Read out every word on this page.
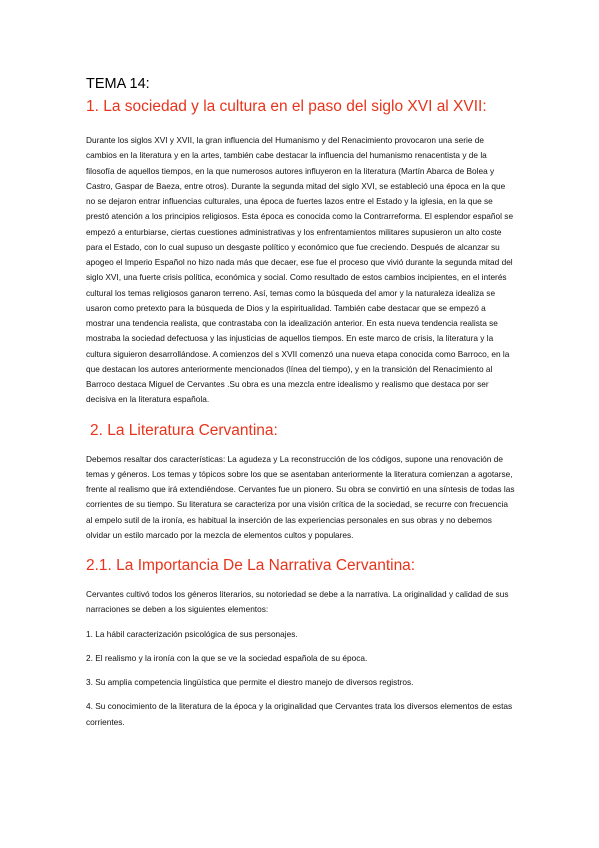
TEMA 14:
1. La sociedad y la cultura en el paso del siglo XVI al XVII:

Durante los siglos XVI y XVII, la gran influencia del Humanismo y del Renacimiento provocaron una serie de cambios en la literatura y en la artes, también cabe destacar la influencia del humanismo renacentista y de la filosofía de aquellos tiempos, en la que numerosos autores influyeron en la literatura (Martín Abarca de Bolea y Castro, Gaspar de Baeza, entre otros). Durante la segunda mitad del siglo XVI, se estableció una época en la que no se dejaron entrar influencias culturales, una época de fuertes lazos entre el Estado y la iglesia, en la que se prestó atención a los principios religiosos. Esta época es conocida como la Contrarreforma. El esplendor español se empezó a enturbiarse, ciertas cuestiones administrativas y los enfrentamientos militares supusieron un alto coste para el Estado, con lo cual supuso un desgaste político y económico que fue creciendo. Después de alcanzar su apogeo el Imperio Español no hizo nada más que decaer, ese fue el proceso que vivió durante la segunda mitad del siglo XVI, una fuerte crisis política, económica y social. Como resultado de estos cambios incipientes, en el interés cultural los temas religiosos ganaron terreno. Así, temas como la búsqueda del amor y la naturaleza idealiza se usaron como pretexto para la búsqueda de Dios y la espiritualidad. También cabe destacar que se empezó a mostrar una tendencia realista, que contrastaba con la idealización anterior. En esta nueva tendencia realista se mostraba la sociedad defectuosa y las injusticias de aquellos tiempos. En este marco de crisis, la literatura y la cultura siguieron desarrollándose. A comienzos del s XVII comenzó una nueva etapa conocida como Barroco, en la que destacan los autores anteriormente mencionados (línea del tiempo), y en la transición del Renacimiento al Barroco destaca Miguel de Cervantes .Su obra es una mezcla entre idealismo y realismo que destaca por ser decisiva en la literatura española.

2. La Literatura Cervantina:

Debemos resaltar dos características: La agudeza y La reconstrucción de los códigos, supone una renovación de temas y géneros. Los temas y tópicos sobre los que se asentaban anteriormente la literatura comienzan a agotarse, frente al realismo que irá extendiéndose. Cervantes fue un pionero. Su obra se convirtió en una síntesis de todas las corrientes de su tiempo. Su literatura se caracteriza por una visión crítica de la sociedad, se recurre con frecuencia al empelo sutil de la ironía, es habitual la inserción de las experiencias personales en sus obras y no debemos olvidar un estilo marcado por la mezcla de elementos cultos y populares.

2.1. La Importancia De La Narrativa Cervantina:

Cervantes cultivó todos los géneros literarios, su notoriedad se debe a la narrativa. La originalidad y calidad de sus narraciones se deben a los siguientes elementos:

1. La hábil caracterización psicológica de sus personajes.

2. El realismo y la ironía con la que se ve la sociedad española de su época.

3. Su amplia competencia lingüística que permite el diestro manejo de diversos registros.

4. Su conocimiento de la literatura de la época y la originalidad que Cervantes trata los diversos elementos de estas corrientes.
